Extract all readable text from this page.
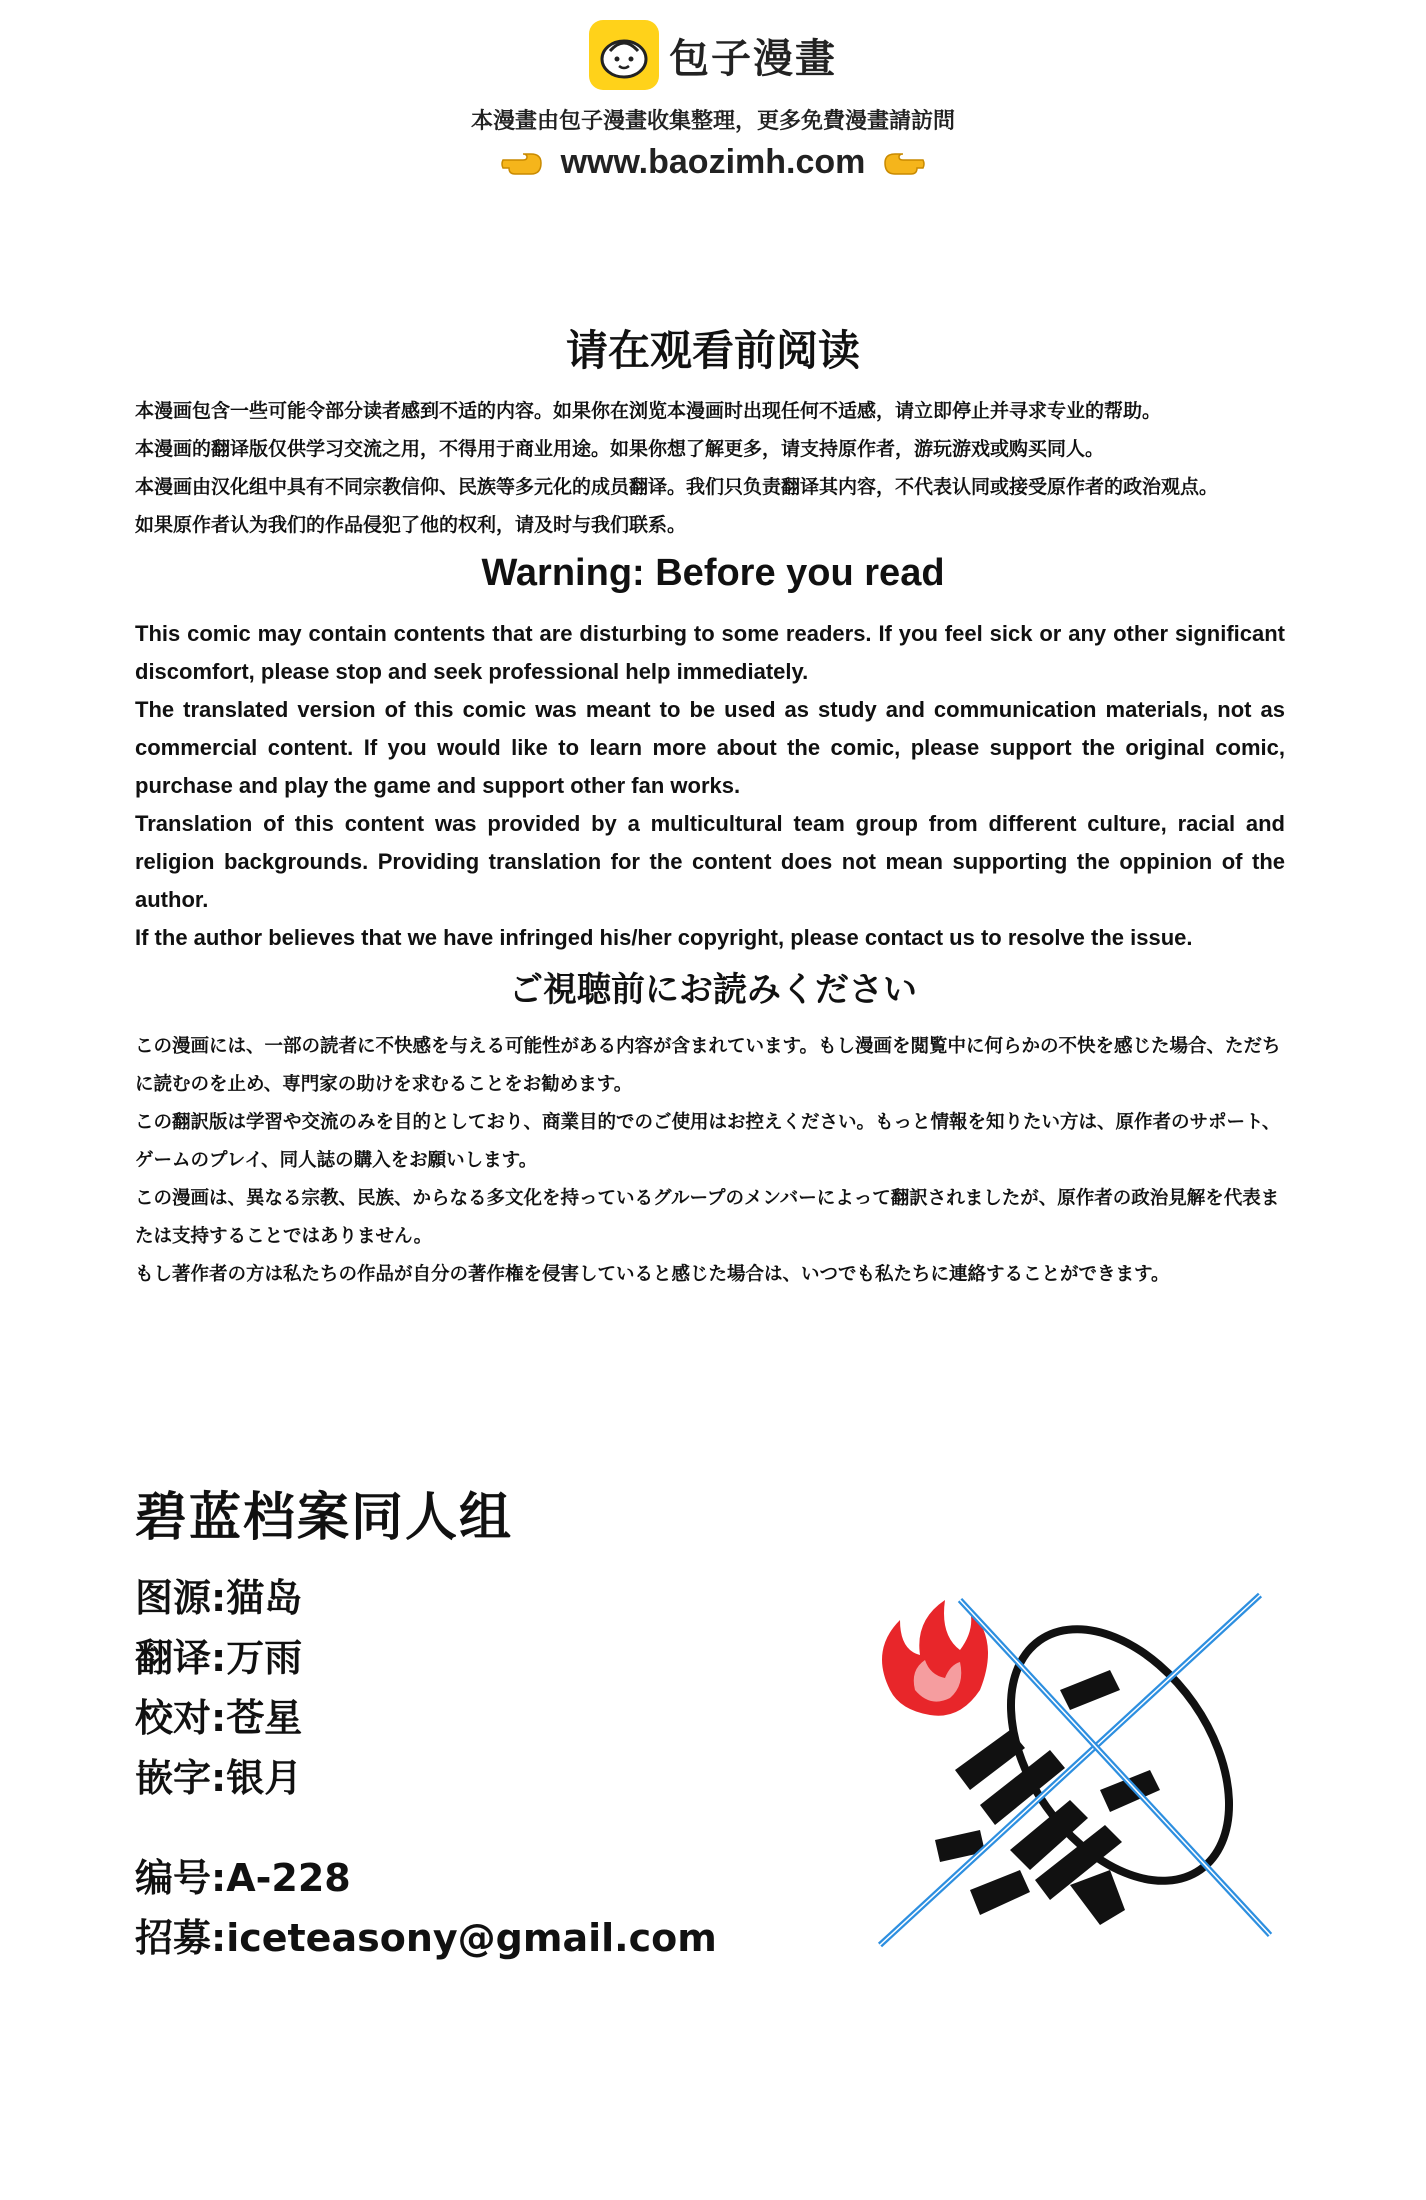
包子漫畫
本漫畫由包子漫畫收集整理，更多免費漫畫請訪問
www.baozimh.com
请在观看前阅读

本漫画包含一些可能令部分读者感到不适的内容。如果你在浏览本漫画时出现任何不适感，请立即停止并寻求专业的帮助。

本漫画的翻译版仅供学习交流之用，不得用于商业用途。如果你想了解更多，请支持原作者，游玩游戏或购买同人。

本漫画由汉化组中具有不同宗教信仰、民族等多元化的成员翻译。我们只负责翻译其内容，不代表认同或接受原作者的政治观点。

如果原作者认为我们的作品侵犯了他的权利，请及时与我们联系。

Warning: Before you read

This comic may contain contents that are disturbing to some readers. If you feel sick or any other significant discomfort, please stop and seek professional help immediately.

The translated version of this comic was meant to be used as study and communication materials, not as commercial content. If you would like to learn more about the comic, please support the original comic, purchase and play the game and support other fan works.

Translation of this content was provided by a multicultural team group from different culture, racial and religion backgrounds. Providing translation for the content does not mean supporting the oppinion of the author.

If the author believes that we have infringed his/her copyright, please contact us to resolve the issue.

ご視聴前にお読みください

この漫画には、一部の読者に不快感を与える可能性がある内容が含まれています。もし漫画を閲覧中に何らかの不快を感じた場合、ただちに読むのを止め、専門家の助けを求むることをお勧めます。

この翻訳版は学習や交流のみを目的としており、商業目的でのご使用はお控えください。もっと情報を知りたい方は、原作者のサポート、ゲームのプレイ、同人誌の購入をお願いします。

この漫画は、異なる宗教、民族、からなる多文化を持っているグループのメンバーによって翻訳されましたが、原作者の政治見解を代表または支持することではありません。

もし著作者の方は私たちの作品が自分の著作権を侵害していると感じた場合は、いつでも私たちに連絡することができます。

碧蓝档案同人组

图源:猫岛

翻译:万雨

校对:苍星

嵌字:银月

编号:A-228

招募:iceteasony@gmail.com
